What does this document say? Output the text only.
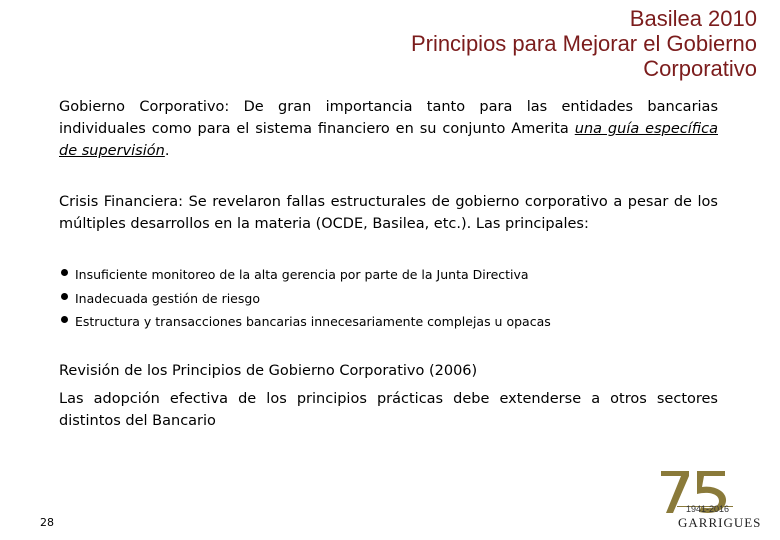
Basilea 2010
Principios para Mejorar el Gobierno
Corporativo
Gobierno Corporativo: De gran importancia tanto para las entidades bancarias individuales como para el sistema financiero en su conjunto Amerita una guía específica de supervisión.
Crisis Financiera: Se revelaron fallas estructurales de gobierno corporativo a pesar de los múltiples desarrollos en la materia (OCDE, Basilea, etc.). Las principales:
Insuficiente monitoreo de la alta gerencia por parte de la Junta Directiva
Inadecuada gestión de riesgo
Estructura y transacciones bancarias innecesariamente complejas u opacas
Revisión de los Principios de Gobierno Corporativo (2006)
Las adopción efectiva de los principios prácticas debe extenderse a otros sectores distintos del Bancario
28
1941-2016
GARRIGUES
